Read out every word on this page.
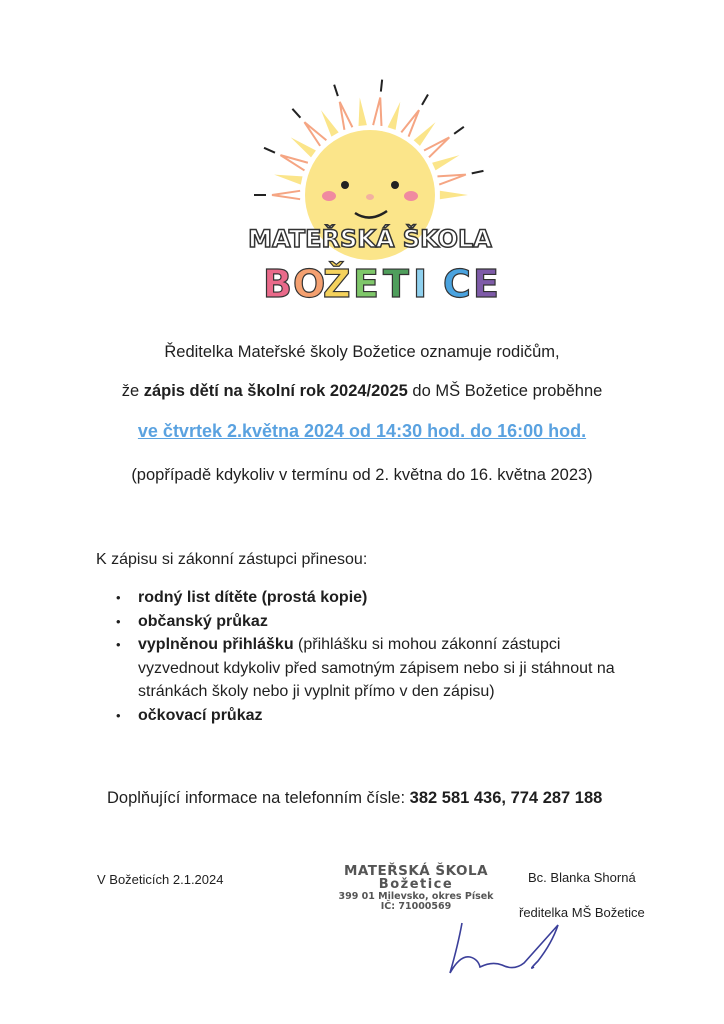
MATEŘSKÁ ŠKOLA
B O
Ž E T I C E
Ředitelka Mateřské školy Božetice oznamuje rodičům,
že zápis dětí na školní rok 2024/2025 do MŠ Božetice proběhne
ve čtvrtek 2.května 2024 od 14:30 hod. do 16:00 hod.
(popřípadě kdykoliv v termínu od 2. května do 16. května 2023)
K zápisu si zákonní zástupci přinesou:
• rodný list dítěte (prostá kopie)
• občanský průkaz
• vyplněnou přihlášku (přihlášku si mohou zákonní zástupci vyzvednout kdykoliv před samotným zápisem nebo si ji stáhnout na stránkách školy nebo ji vyplnit přímo v den zápisu)
• očkovací průkaz
Doplňující informace na telefonním čísle: 382 581 436, 774 287 188
V Božeticích 2.1.2024
MATEŘSKÁ ŠKOLA
Božetice
399 01 Milevsko, okres Písek
IČ: 71000569
Bc. Blanka Shorná
ředitelka MŠ Božetice
